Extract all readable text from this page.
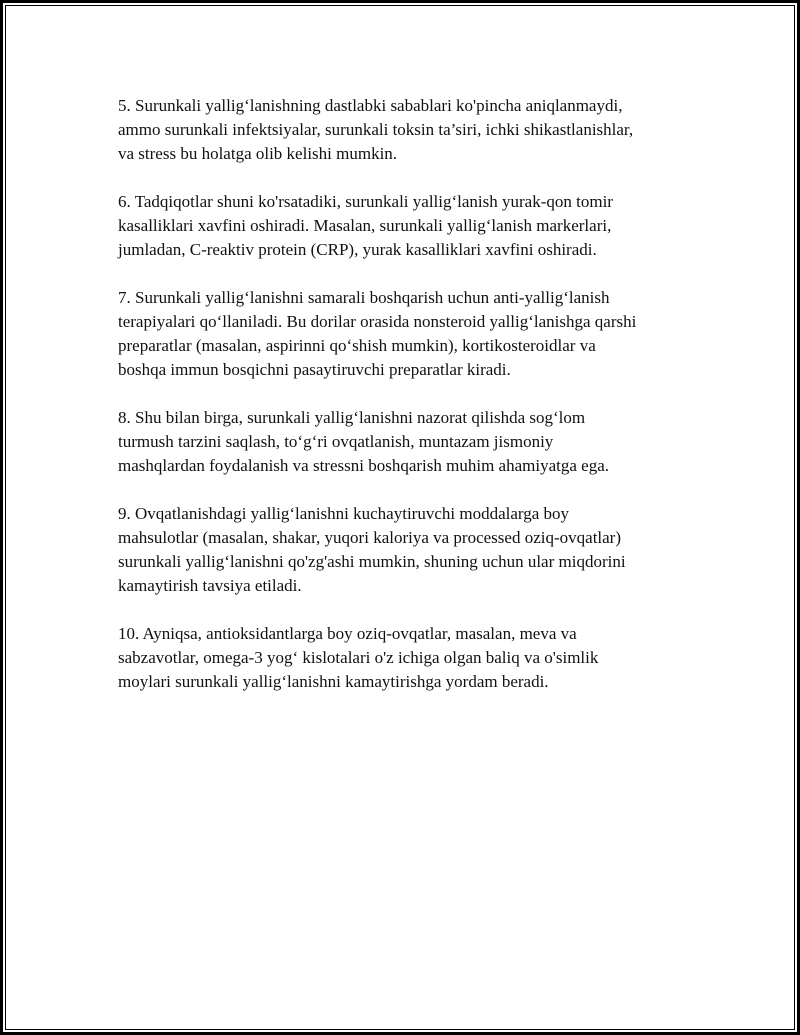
5. Surunkali yallig‘lanishning dastlabki sabablari ko'pincha aniqlanmaydi,
ammo surunkali infektsiyalar, surunkali toksin ta’siri, ichki shikastlanishlar,
va stress bu holatga olib kelishi mumkin.

6. Tadqiqotlar shuni ko'rsatadiki, surunkali yallig‘lanish yurak-qon tomir
kasalliklari xavfini oshiradi. Masalan, surunkali yallig‘lanish markerlari,
jumladan, C-reaktiv protein (CRP), yurak kasalliklari xavfini oshiradi.

7. Surunkali yallig‘lanishni samarali boshqarish uchun anti-yallig‘lanish
terapiyalari qo‘llaniladi. Bu dorilar orasida nonsteroid yallig‘lanishga qarshi
preparatlar (masalan, aspirinni qo‘shish mumkin), kortikosteroidlar va
boshqa immun bosqichni pasaytiruvchi preparatlar kiradi.

8. Shu bilan birga, surunkali yallig‘lanishni nazorat qilishda sog‘lom
turmush tarzini saqlash, to‘g‘ri ovqatlanish, muntazam jismoniy
mashqlardan foydalanish va stressni boshqarish muhim ahamiyatga ega.

9. Ovqatlanishdagi yallig‘lanishni kuchaytiruvchi moddalarga boy
mahsulotlar (masalan, shakar, yuqori kaloriya va processed oziq-ovqatlar)
surunkali yallig‘lanishni qo'zg'ashi mumkin, shuning uchun ular miqdorini
kamaytirish tavsiya etiladi.

10. Ayniqsa, antioksidantlarga boy oziq-ovqatlar, masalan, meva va
sabzavotlar, omega-3 yog‘ kislotalari o'z ichiga olgan baliq va o'simlik
moylari surunkali yallig‘lanishni kamaytirishga yordam beradi.
